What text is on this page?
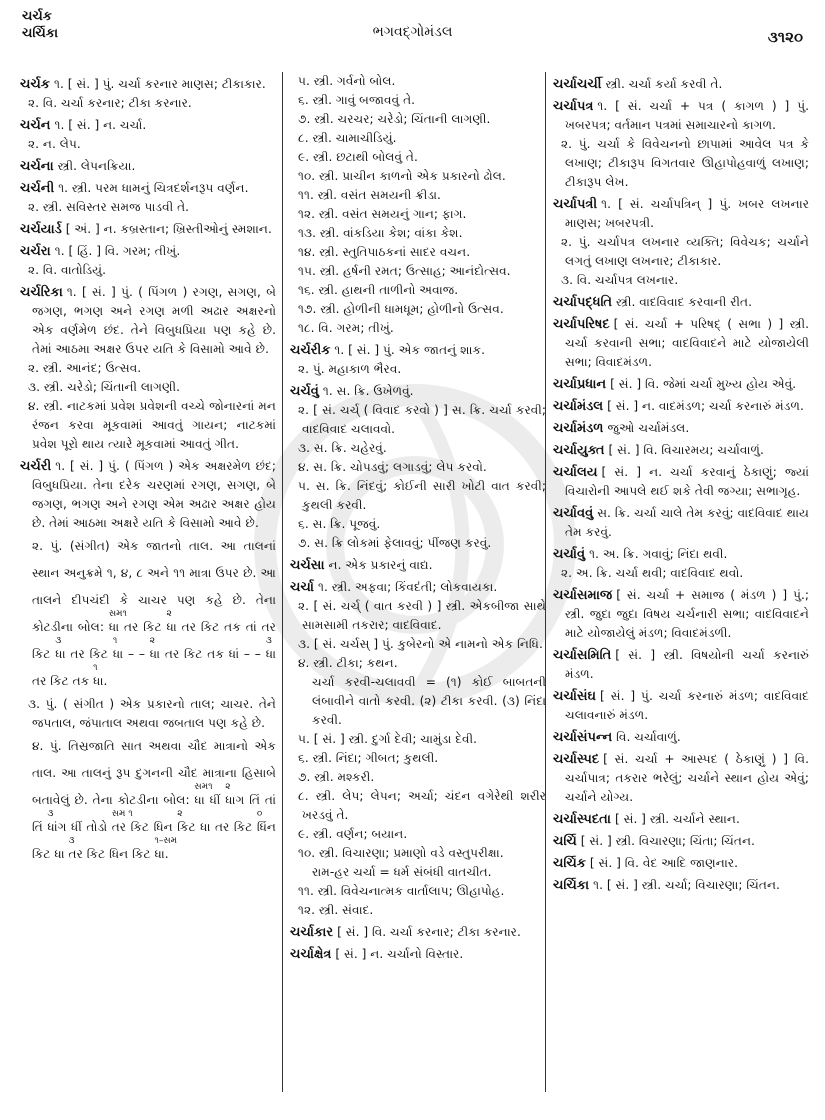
ચર્ચક
ચર્ચિકા	ભગવદ્ગોમંડલ	૩૧૨૦
ચર્ચક ૧. [ સં. ] પું. ચર્ચા કરનાર માણસ; ટીકાકાર.
૨. વિ. ચર્ચા કરનાર; ટીકા કરનાર.
ચર્ચન ૧. [ સં. ] ન. ચર્ચા.
૨. ન. લેપ.
ચર્ચના સ્ત્રી. લેપનક્રિયા.
ચર્ચની ૧. સ્ત્રી. પરમ ધામનું ચિત્રદર્શનરૂપ વર્ણન.
૨. સ્ત્રી. સવિસ્તર સમજ પાડવી તે.
ચર્ચયાર્ડ [ અં. ] ન. કબ્રસ્તાન; ખ્રિસ્તીઓનું સ્મશાન.
ચર્ચરા ૧. [ હિં. ] વિ. ગરમ; તીખું.
૨. વિ. વાતોડિયું.
ચર્ચરિકા ૧. [ સં. ] પું. ( પિંગળ ) રગણ, સગણ, બે જગણ, ભગણ અને રગણ મળી અઢાર અક્ષરનો એક વર્ણમેળ છંદ. તેને વિબુધપ્રિયા પણ કહે છે. તેમાં આઠમા અક્ષર ઉપર યતિ કે વિસામો આવે છે.
૨. સ્ત્રી. આનંદ; ઉત્સવ.
૩. સ્ત્રી. ચરેડો; ચિંતાની લાગણી.
૪. સ્ત્રી. નાટકમાં પ્રવેશ પ્રવેશની વચ્ચે જોનારનાં મન રંજન કરવા મૂકવામાં આવતું ગાયન; નાટકમાં પ્રવેશ પૂરો થાય ત્યારે મૂકવામાં આવતું ગીત.
ચર્ચરી ૧. [ સં. ] પું. ( પિંગળ ) એક અક્ષરમેળ છંદ; વિબુધપ્રિયા. તેના દરેક ચરણમાં રગણ, સગણ, બે જગણ, ભગણ અને રગણ એમ અઢાર અક્ષર હોય છે. તેમાં આઠમા અક્ષરે યતિ કે વિસામો આવે છે.
૨. પું. (સંગીત) એક જાતનો તાલ. આ તાલનાં સ્થાન અનુક્રમે ૧, ૪, ૮ અને ૧૧ માત્રા ઉપર છે. આ તાલને દીપચંદી કે ચાચર પણ કહે છે. તેના કોટડીના બોલ:
સમ૧
ધા તર કિટ
૨
ધા તર કિટ તક તાં તર કિટ
૩
ધા તર કિટ
૧
ધા – –
૨
ધા તર કિટ તક ધાં – –
૩
ધા તર કિટ તક
૧
ધા.
૩. પું. ( સંગીત ) એક પ્રકારનો તાલ; ચાચર. તેને જપતાલ, જંપાતાલ અથવા જબતાલ પણ કહે છે.
૪. પું. તિસ્રજાતિ સાત અથવા ચૌદ માત્રાનો એક તાલ. આ તાલનું રૂપ દુગનની ચૌદ માત્રાના હિસાબે બતાવેલું છે. તેના કોટડીના બોલ:
સમ૧
ધા ધીં
૨
ધાગ તિં તાં તિં
૩
ધાંગ ધીં તોડો
સમ ૧
તર કિટ ધિન
૨
કિટ ધા તર કિટ
૦
ધિંન કિટ ધા
૩
તર કિટ ધિન કિટ
૧–સમ
ધા.
૫. સ્ત્રી. ગર્વનો બોલ.
૬. સ્ત્રી. ગાવું બજાવવું તે.
૭. સ્ત્રી. ચરચર; ચરેડો; ચિંતાની લાગણી.
૮. સ્ત્રી. ચામાચીડિયું.
૯. સ્ત્રી. છટાથી બોલવું તે.
૧૦. સ્ત્રી. પ્રાચીન કાળનો એક પ્રકારનો ઢોલ.
૧૧. સ્ત્રી. વસંત સમયની ક્રીડા.
૧૨. સ્ત્રી. વસંત સમયનું ગાન; ફાગ.
૧૩. સ્ત્રી. વાંકડિયા કેશ; વાંકા કેશ.
૧૪. સ્ત્રી. સ્તુતિપાઠકનાં સાદર વચન.
૧૫. સ્ત્રી. હર્ષની રમત; ઉત્સાહ; આનંદોત્સવ.
૧૬. સ્ત્રી. હાથની તાળીનો અવાજ.
૧૭. સ્ત્રી. હોળીની ધામધૂમ; હોળીનો ઉત્સવ.
૧૮. વિ. ગરમ; તીખું.
ચર્ચરીક ૧. [ સં. ] પું. એક જાતનું શાક.
૨. પું. મહાકાળ ભૈરવ.
ચર્ચવું ૧. સ. ક્રિ. ઉખેળવું.
૨. [ સં. ચર્ચ્ ( વિવાદ કરવો ) ] સ. ક્રિ. ચર્ચા કરવી; વાદવિવાદ ચલાવવો.
૩. સ. ક્રિ. ચહેરવું.
૪. સ. ક્રિ. ચોપડવું; લગાડવું; લેપ કરવો.
૫. સ. ક્રિ. નિંદવું; કોઈની સારી ખોટી વાત કરવી; કુથલી કરવી.
૬. સ. ક્રિ. પૂજવું.
૭. સ. ક્રિ લોકમાં ફેલાવવું; પીંજણ કરવું.
ચર્ચસા ન. એક પ્રકારનું વાદ્ય.
ચર્ચા ૧. સ્ત્રી. અફવા; કિંવદંતી; લોકવાયકા.
૨. [ સં. ચર્ચ્ ( વાત કરવી ) ] સ્ત્રી. એકબીજા સાથે સામસામી તકરાર; વાદવિવાદ.
૩. [ સં. ચર્ચસ્ ] પું. કુબેરનો એ નામનો એક નિધિ.
૪. સ્ત્રી. ટીકા; કથન.
ચર્ચા કરવી-ચલાવવી = (૧) કોઈ બાબતની લંબાવીને વાતો કરવી. (૨) ટીકા કરવી. (૩) નિંદા કરવી.
૫. [ સં. ] સ્ત્રી. દુર્ગા દેવી; ચામુંડા દેવી.
૬. સ્ત્રી. નિંદા; ગીબત; કુથલી.
૭. સ્ત્રી. મશ્કરી.
૮. સ્ત્રી. લેપ; લેપન; અર્ચા; ચંદન વગેરેથી શરીર ખરડવું તે.
૯. સ્ત્રી. વર્ણન; બયાન.
૧૦. સ્ત્રી. વિચારણા; પ્રમાણો વડે વસ્તુપરીક્ષા.
રામ-હર ચર્ચા = ધર્મ સંબંધી વાતચીત.
૧૧. સ્ત્રી. વિવેચનાત્મક વાર્તાલાપ; ઊહાપોહ.
૧૨. સ્ત્રી. સંવાદ.
ચર્ચાકાર [ સં. ] વિ. ચર્ચા કરનાર; ટીકા કરનાર.
ચર્ચાક્ષેત્ર [ સં. ] ન. ચર્ચાનો વિસ્તાર.
ચર્ચાચર્ચી સ્ત્રી. ચર્ચા કર્યા કરવી તે.
ચર્ચાપત્ર ૧. [ સં. ચર્ચા + પત્ર ( કાગળ ) ] પું. ખબરપત્ર; વર્તમાન પત્રમાં સમાચારનો કાગળ.
૨. પું. ચર્ચા કે વિવેચનનો છાપામાં આવેલ પત્ર કે લખાણ; ટીકારૂપ વિગતવાર ઊહાપોહવાળું લખાણ; ટીકારૂપ લેખ.
ચર્ચાપત્રી ૧. [ સં. ચર્ચાપત્રિન્ ] પું. ખબર લખનાર માણસ; ખબરપત્રી.
૨. પું. ચર્ચાપત્ર લખનાર વ્યક્તિ; વિવેચક; ચર્ચાને લગતું લખાણ લખનાર; ટીકાકાર.
૩. વિ. ચર્ચાપત્ર લખનાર.
ચર્ચાપદ્ધતિ સ્ત્રી. વાદવિવાદ કરવાની રીત.
ચર્ચાપરિષદ [ સં. ચર્ચા + પરિષદ્ ( સભા ) ] સ્ત્રી. ચર્ચા કરવાની સભા; વાદવિવાદને માટે યોજાયેલી સભા; વિવાદમંડળ.
ચર્ચાપ્રધાન [ સં. ] વિ. જેમાં ચર્ચા મુખ્ય હોય એવું.
ચર્ચામંડલ [ સં. ] ન. વાદમંડળ; ચર્ચા કરનારું મંડળ.
ચર્ચામંડળ જુઓ ચર્ચામંડલ.
ચર્ચાયુક્ત [ સં. ] વિ. વિચારમય; ચર્ચાવાળું.
ચર્ચાલય [ સં. ] ન. ચર્ચા કરવાનું ઠેકાણું; જ્યાં વિચારોની આપલે થઈ શકે તેવી જગ્યા; સભાગૃહ.
ચર્ચાવવું સ. ક્રિ. ચર્ચા ચાલે તેમ કરવું; વાદવિવાદ થાય તેમ કરવું.
ચર્ચાવું ૧. અ. ક્રિ. ગવાવું; નિંદા થવી.
૨. અ. ક્રિ. ચર્ચા થવી; વાદવિવાદ થવો.
ચર્ચાસમાજ [ સં. ચર્ચા + સમાજ ( મંડળ ) ] પું.; સ્ત્રી. જુદા જુદા વિષય ચર્ચનારી સભા; વાદવિવાદને માટે યોજાયેલું મંડળ; વિવાદમંડળી.
ચર્ચાસમિતિ [ સં. ] સ્ત્રી. વિષયોની ચર્ચા કરનારું મંડળ.
ચર્ચાસંઘ [ સં. ] પું. ચર્ચા કરનારું મંડળ; વાદવિવાદ ચલાવનારું મંડળ.
ચર્ચાસંપન્ન વિ. ચર્ચાવાળું.
ચર્ચાસ્પદ [ સં. ચર્ચા + આસ્પદ ( ઠેકાણું ) ] વિ. ચર્ચાપાત્ર; તકરાર ભરેલું; ચર્ચાને સ્થાન હોય એવું; ચર્ચાને યોગ્ય.
ચર્ચાસ્પદતા [ સં. ] સ્ત્રી. ચર્ચાને સ્થાન.
ચર્ચિ [ સં. ] સ્ત્રી. વિચારણા; ચિંતા; ચિંતન.
ચર્ચિક [ સં. ] વિ. વેદ આદિ જાણનાર.
ચર્ચિકા ૧. [ સં. ] સ્ત્રી. ચર્ચા; વિચારણા; ચિંતન.
